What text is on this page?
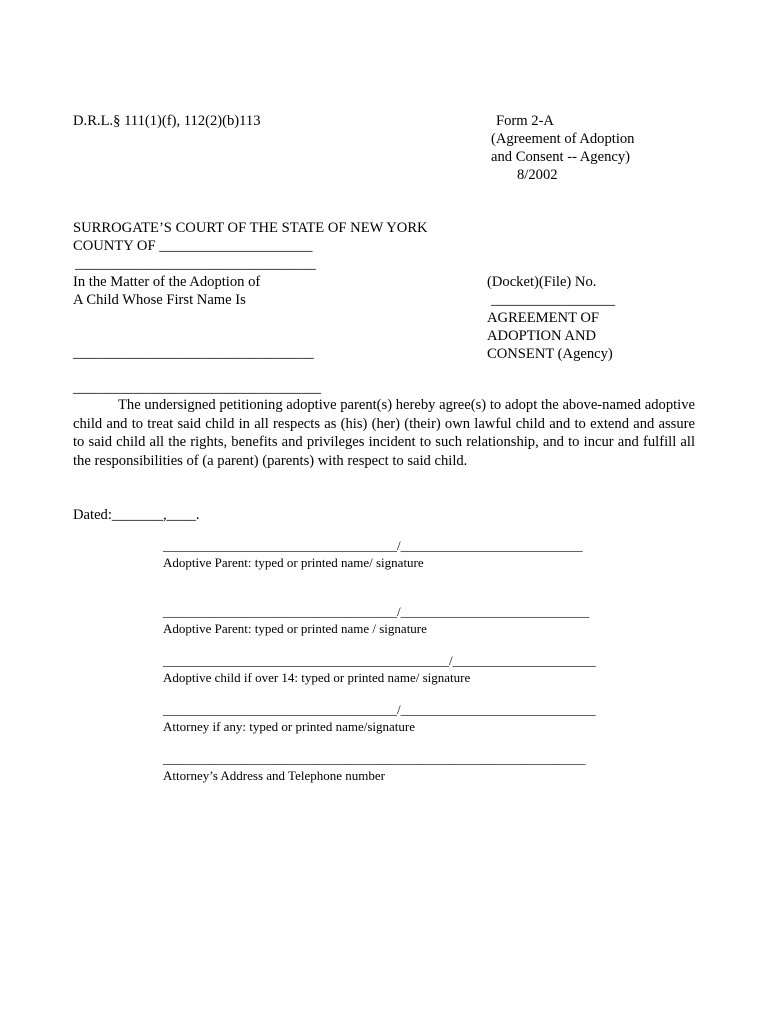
D.R.L.§ 111(1)(f), 112(2)(b)113	Form 2-A
(Agreement of Adoption
and Consent -- Agency)
8/2002
SURROGATE’S COURT OF THE STATE OF NEW YORK
COUNTY OF _____________________
_________________________________
In the Matter of the Adoption of
A Child Whose First Name Is
_________________________________
__________________________________
(Docket)(File) No.
_________________
AGREEMENT OF
ADOPTION AND
CONSENT (Agency)
The undersigned petitioning adoptive parent(s) hereby agree(s) to adopt the above-named adoptive child and to treat said child in all respects as (his) (her) (their) own lawful child and to extend and assure to said child all the rights, benefits and privileges incident to such relationship, and to incur and fulfill all the responsibilities of (a parent) (parents) with respect to said child.
Dated:_______,____.
____________________________________/____________________________
Adoptive Parent: typed or printed name/ signature
____________________________________/_____________________________
Adoptive Parent: typed or printed name / signature
____________________________________________/______________________
Adoptive child if over 14: typed or printed name/ signature
____________________________________/______________________________
Attorney if any: typed or printed name/signature
_________________________________________________________________
Attorney’s Address and Telephone number
